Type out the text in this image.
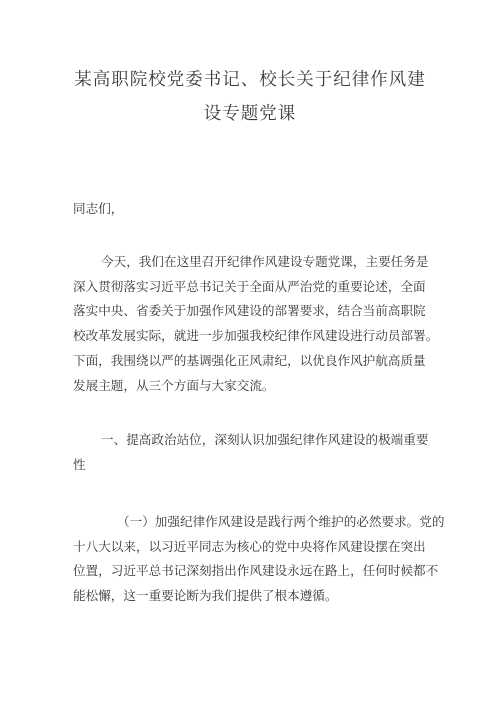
某高职院校党委书记、校长关于纪律作风建
设专题党课

同志们，

今天，我们在这里召开纪律作风建设专题党课，主要任务是
深入贯彻落实习近平总书记关于全面从严治党的重要论述，全面
落实中央、省委关于加强作风建设的部署要求，结合当前高职院
校改革发展实际，就进一步加强我校纪律作风建设进行动员部署。
下面，我围绕以严的基调强化正风肃纪，以优良作风护航高质量
发展主题，从三个方面与大家交流。

一、提高政治站位，深刻认识加强纪律作风建设的极端重要
性

（一）加强纪律作风建设是践行两个维护的必然要求。党的
十八大以来，以习近平同志为核心的党中央将作风建设摆在突出
位置，习近平总书记深刻指出作风建设永远在路上，任何时候都不
能松懈，这一重要论断为我们提供了根本遵循。
